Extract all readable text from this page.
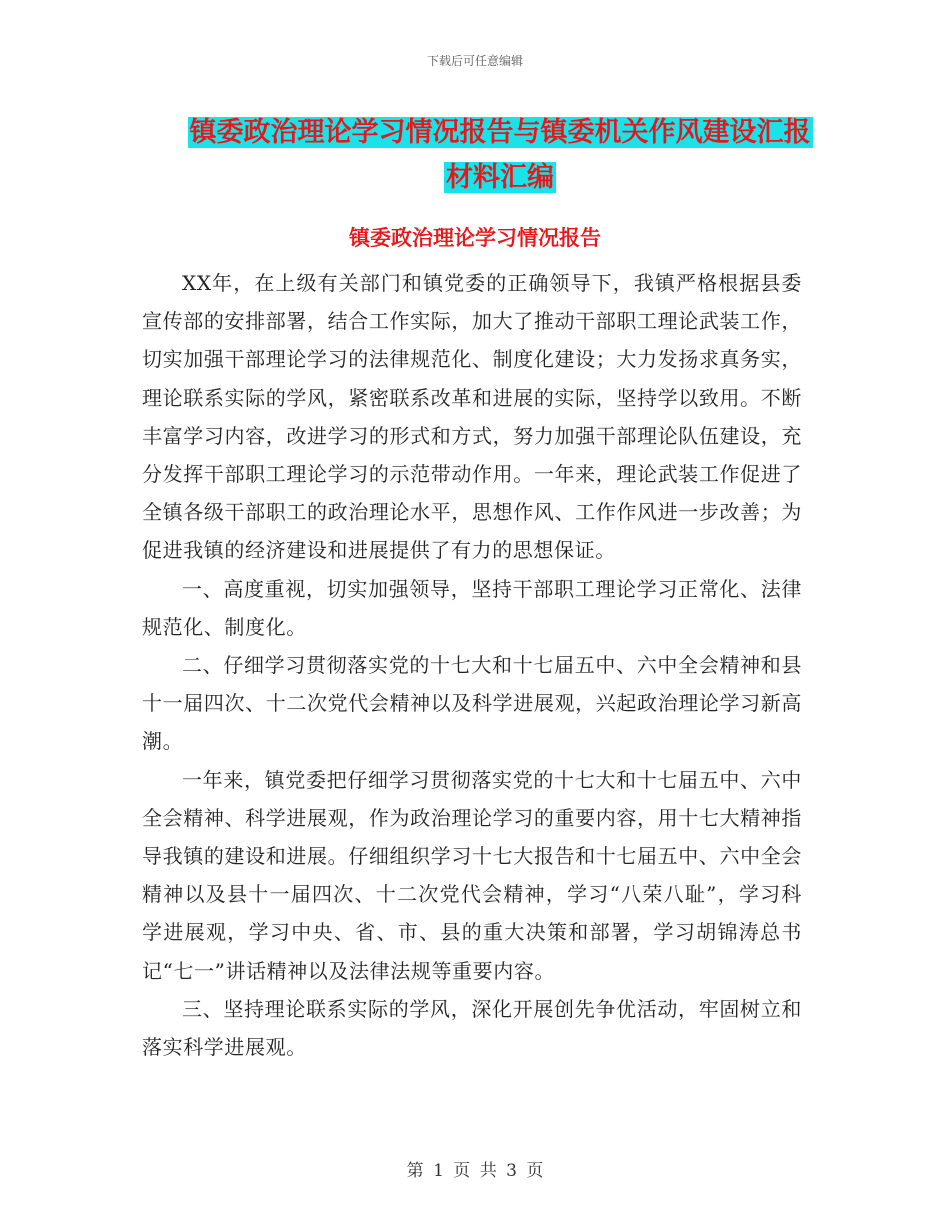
下载后可任意编辑
镇委政治理论学习情况报告与镇委机关作风建设汇报
材料汇编
镇委政治理论学习情况报告

XX年，在上级有关部门和镇党委的正确领导下，我镇严格根据县委宣传部的安排部署，结合工作实际，加大了推动干部职工理论武装工作，切实加强干部理论学习的法律规范化、制度化建设；大力发扬求真务实，理论联系实际的学风，紧密联系改革和进展的实际，坚持学以致用。不断丰富学习内容，改进学习的形式和方式，努力加强干部理论队伍建设，充分发挥干部职工理论学习的示范带动作用。一年来，理论武装工作促进了全镇各级干部职工的政治理论水平，思想作风、工作作风进一步改善；为促进我镇的经济建设和进展提供了有力的思想保证。

一、高度重视，切实加强领导，坚持干部职工理论学习正常化、法律规范化、制度化。

二、仔细学习贯彻落实党的十七大和十七届五中、六中全会精神和县十一届四次、十二次党代会精神以及科学进展观，兴起政治理论学习新高潮。

一年来，镇党委把仔细学习贯彻落实党的十七大和十七届五中、六中全会精神、科学进展观，作为政治理论学习的重要内容，用十七大精神指导我镇的建设和进展。仔细组织学习十七大报告和十七届五中、六中全会精神以及县十一届四次、十二次党代会精神，学习“八荣八耻”，学习科学进展观，学习中央、省、市、县的重大决策和部署，学习胡锦涛总书记“七一”讲话精神以及法律法规等重要内容。

三、坚持理论联系实际的学风，深化开展创先争优活动，牢固树立和落实科学进展观。

第 1 页 共 3 页
